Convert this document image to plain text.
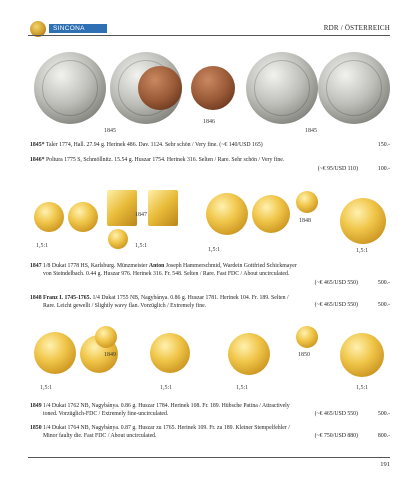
SINCONA	RDR / ÖSTERREICH
1845
1846
1845
1845* Taler 1774, Hall. 27.94 g. Herinek 486. Dav. 1124. Sehr schön / Very fine. (~€ 140/USD 165)	150.-
1846* Poltura 1775 S, Schmöllnitz. 15.54 g. Huszar 1754. Herinek 316. Selten / Rare. Sehr schön / Very fine.
(~€ 95/USD 110)	100.-
1,5:1
1847
1,5:1
1,5:1
1848
1,5:1
1847 1/8 Dukat 1778 HS, Karlsburg. Münzmeister Anton Joseph Hammerschmid, Wardein Gottfried Schickmayer
von Steindelbach. 0.44 g. Huszar 976. Herinek 316. Fr. 548. Selten / Rare. Fast FDC / About uncirculated.
(~€ 465/USD 550)	500.-
1848 Franz I. 1745-1765. 1/4 Dukat 1755 NB, Nagybánya. 0.86 g. Huszar 1781. Herinek 104. Fr. 189. Selten /
Rare. Leicht gewellt / Slightly wavy flan. Vorzüglich / Extremely fine.	(~€ 465/USD 550)	500.-
1,5:1
1849
1,5:1	1,5:1
1850
1,5:1
1849 1/4 Dukat 1762 NB, Nagybánya. 0.86 g. Huszar 1784. Herinek 108. Fr. 189. Hübsche Patina / Attractively
toned. Vorzüglich-FDC / Extremely fine-uncirculated.	(~€ 465/USD 550)	500.-
1850 1/4 Dukat 1764 NB, Nagybánya. 0.87 g. Huszar zu 1765. Herinek 109. Fr. zu 189. Kleiner Stempelfehler /
Minor faulty die. Fast FDC / About uncirculated.	(~€ 750/USD 880)	800.-
191
